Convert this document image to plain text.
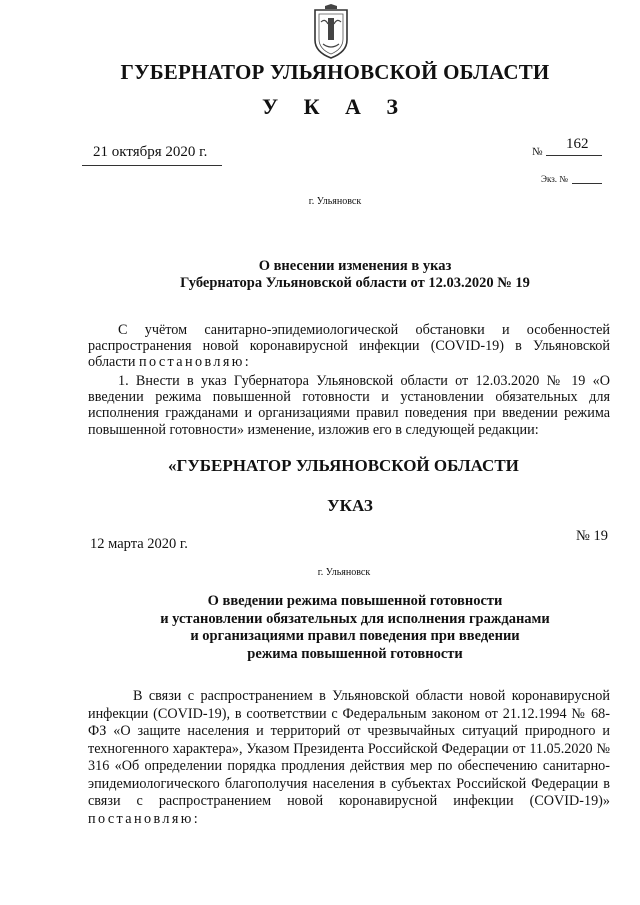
ГУБЕРНАТОР УЛЬЯНОВСКОЙ ОБЛАСТИ
У К А З
21 октября 2020 г.	№ 162
Экз. №
г. Ульяновск
О внесении изменения в указ
Губернатора Ульяновской области от 12.03.2020 № 19
С учётом санитарно-эпидемиологической обстановки и особенностей распространения новой коронавирусной инфекции (COVID-19) в Ульяновской области постановляю:
1. Внести в указ Губернатора Ульяновской области от 12.03.2020 № 19 «О введении режима повышенной готовности и установлении обязательных для исполнения гражданами и организациями правил поведения при введении режима повышенной готовности» изменение, изложив его в следующей редакции:
«ГУБЕРНАТОР УЛЬЯНОВСКОЙ ОБЛАСТИ
УКАЗ
12 марта 2020 г.	№ 19
г. Ульяновск
О введении режима повышенной готовности
и установлении обязательных для исполнения гражданами
и организациями правил поведения при введении
режима повышенной готовности
В связи с распространением в Ульяновской области новой коронавирусной инфекции (COVID-19), в соответствии с Федеральным законом от 21.12.1994 № 68-ФЗ «О защите населения и территорий от чрезвычайных ситуаций природного и техногенного характера», Указом Президента Российской Федерации от 11.05.2020 № 316 «Об определении порядка продления действия мер по обеспечению санитарно-эпидемиологического благополучия населения в субъектах Российской Федерации в связи с распространением новой коронавирусной инфекции (COVID-19)» постановляю:
